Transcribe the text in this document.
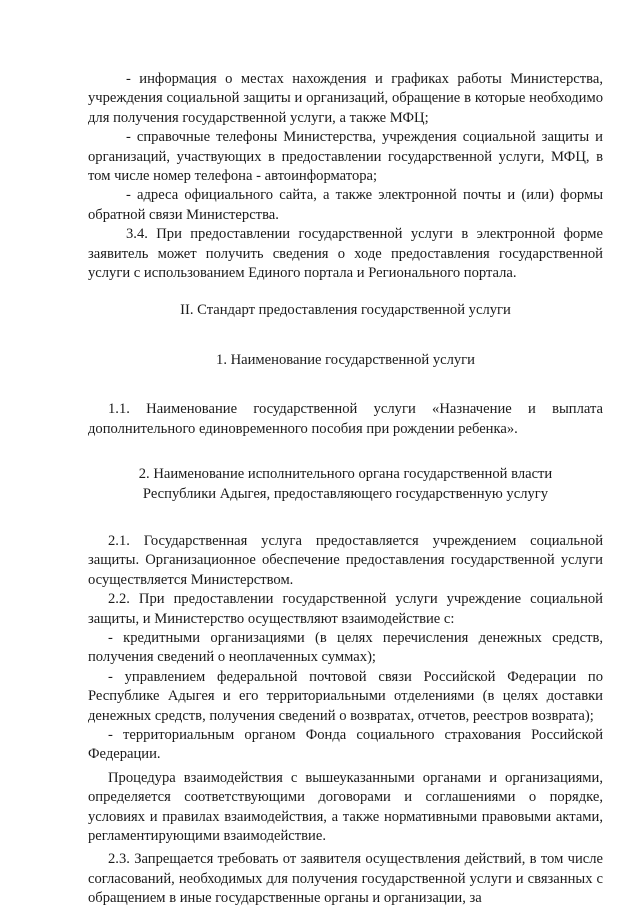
- информация о местах нахождения и графиках работы Министерства, учреждения социальной защиты и организаций, обращение в которые необходимо для получения государственной услуги, а также МФЦ;

- справочные телефоны Министерства, учреждения социальной защиты и организаций, участвующих в предоставлении государственной услуги, МФЦ, в том числе номер телефона - автоинформатора;

- адреса официального сайта, а также электронной почты и (или) формы обратной связи Министерства.

3.4. При предоставлении государственной услуги в электронной форме заявитель может получить сведения о ходе предоставления государственной услуги с использованием Единого портала и Регионального портала.

II. Стандарт предоставления государственной услуги

1. Наименование государственной услуги

1.1. Наименование государственной услуги «Назначение и выплата дополнительного единовременного пособия при рождении ребенка».

2. Наименование исполнительного органа государственной власти

Республики Адыгея, предоставляющего государственную услугу

2.1. Государственная услуга предоставляется учреждением социальной защиты. Организационное обеспечение предоставления государственной услуги осуществляется Министерством.

2.2. При предоставлении государственной услуги учреждение социальной защиты, и Министерство осуществляют взаимодействие с:

- кредитными организациями (в целях перечисления денежных средств, получения сведений о неоплаченных суммах);

- управлением федеральной почтовой связи Российской Федерации по Республике Адыгея и его территориальными отделениями (в целях доставки денежных средств, получения сведений о возвратах, отчетов, реестров возврата);

- территориальным органом Фонда социального страхования Российской Федерации.

Процедура взаимодействия с вышеуказанными органами и организациями, определяется соответствующими договорами и соглашениями о порядке, условиях и правилах взаимодействия, а также нормативными правовыми актами, регламентирующими взаимодействие.

2.3. Запрещается требовать от заявителя осуществления действий, в том числе согласований, необходимых для получения государственной услуги и связанных с обращением в иные государственные органы и организации, за
